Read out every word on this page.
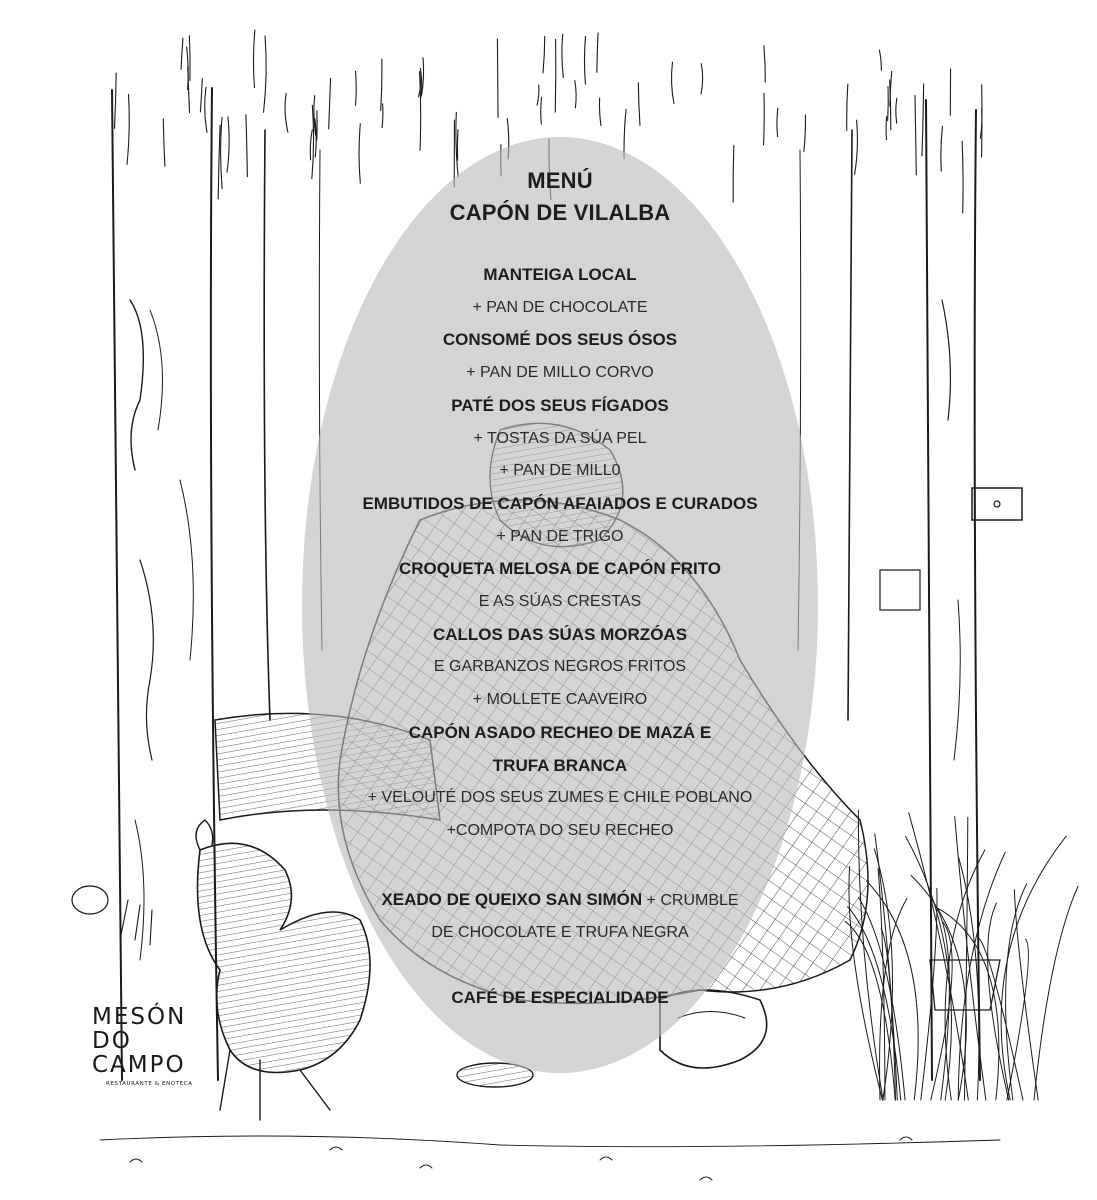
MENÚ
CAPÓN DE VILALBA
MANTEIGA LOCAL
+ PAN DE CHOCOLATE
CONSOMÉ DOS SEUS ÓSOS
+ PAN DE MILLO CORVO
PATÉ DOS SEUS FÍGADOS
+ TOSTAS DA SÚA PEL
+ PAN DE MILL0
EMBUTIDOS DE CAPÓN AFAIADOS E CURADOS
+ PAN DE TRIGO
CROQUETA MELOSA DE CAPÓN FRITO
E AS SÚAS CRESTAS
CALLOS DAS SÚAS MORZÓAS
E GARBANZOS NEGROS FRITOS
+ MOLLETE CAAVEIRO
CAPÓN ASADO RECHEO DE MAZÁ E
TRUFA BRANCA
+ VELOUTÉ DOS SEUS ZUMES E CHILE POBLANO
+COMPOTA DO SEU RECHEO
XEADO DE QUEIXO SAN SIMÓN + CRUMBLE
DE CHOCOLATE E TRUFA NEGRA
CAFÉ DE ESPECIALIDADE
MESÓN
DO
CAMPO
RESTAURANTE & ENOTECA
